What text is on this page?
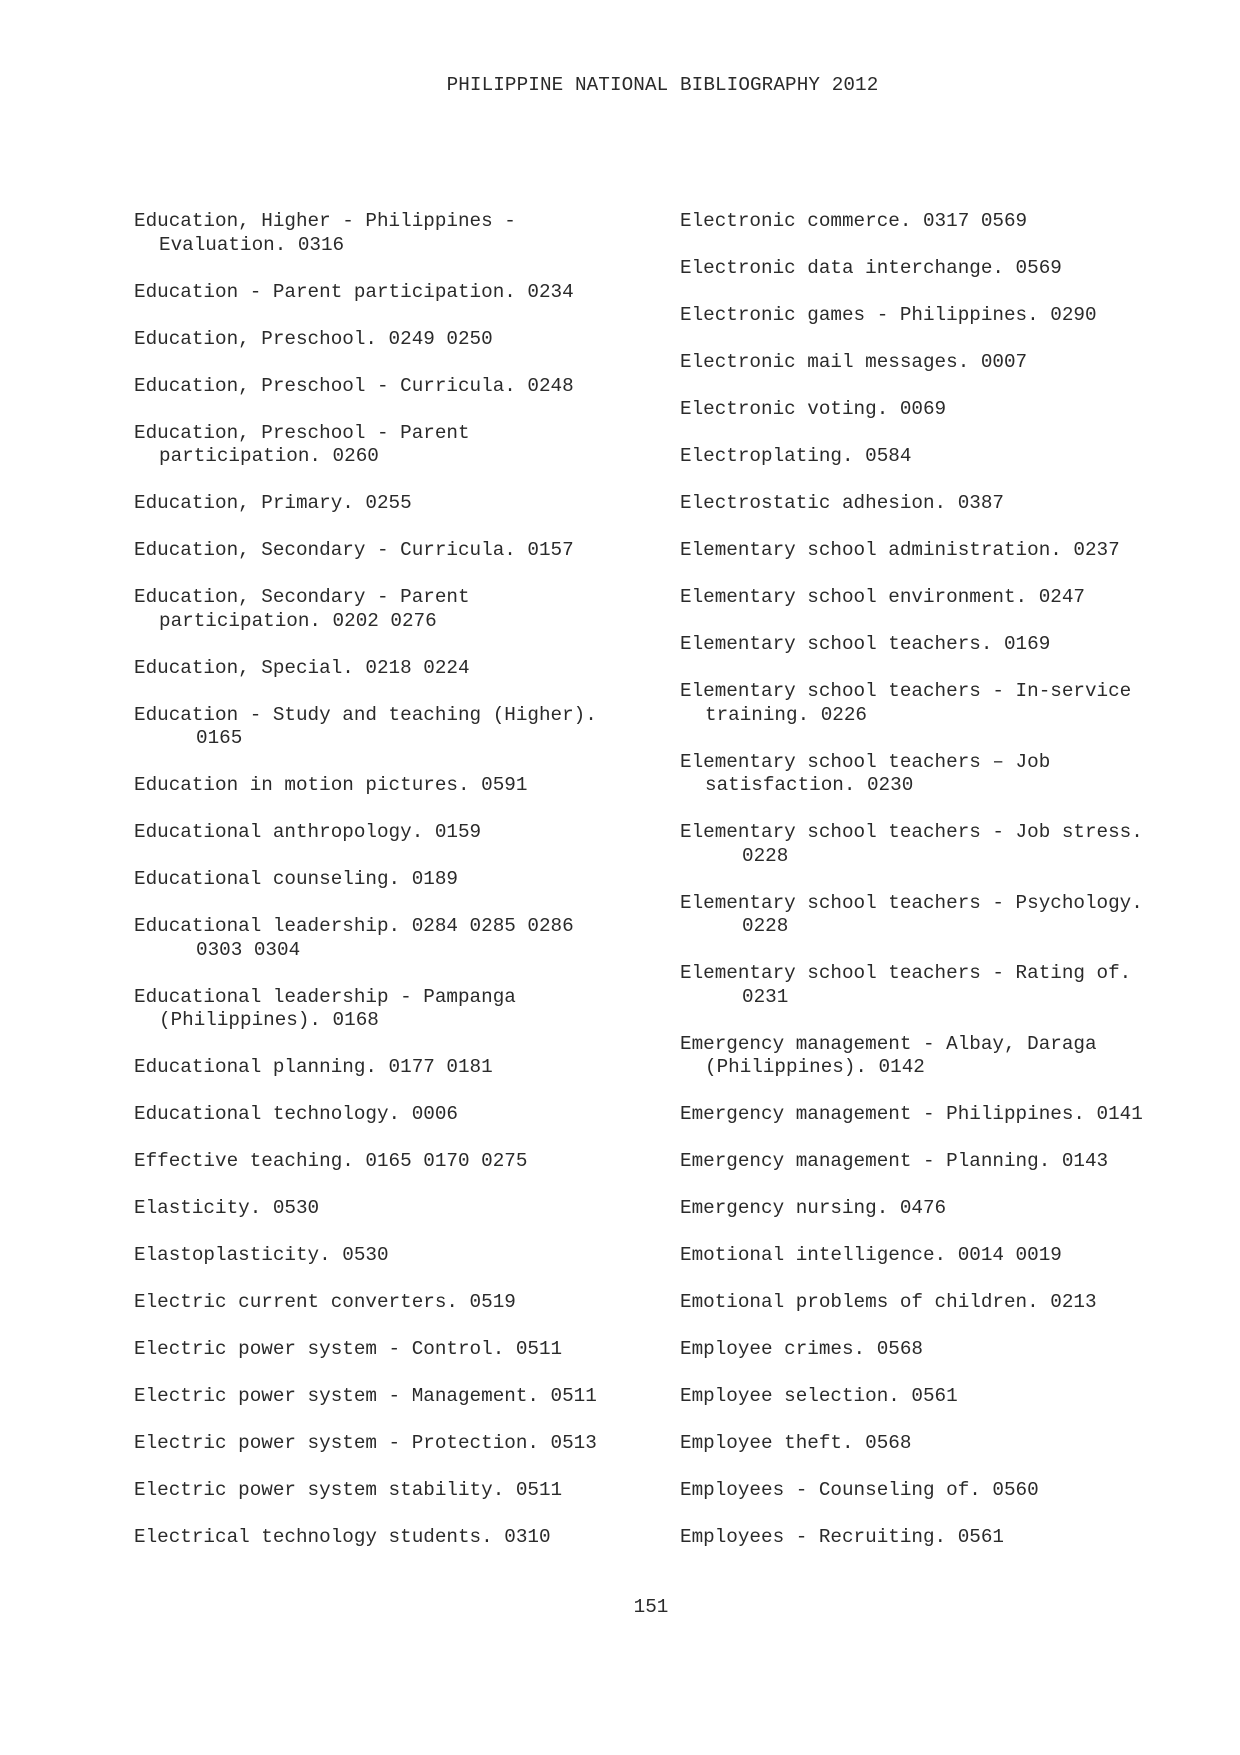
PHILIPPINE NATIONAL BIBLIOGRAPHY 2012
Education, Higher - Philippines -
Evaluation. 0316
Education - Parent participation. 0234
Education, Preschool. 0249 0250
Education, Preschool - Curricula. 0248
Education, Preschool - Parent
participation. 0260
Education, Primary. 0255
Education, Secondary - Curricula. 0157
Education, Secondary - Parent
participation. 0202 0276
Education, Special. 0218 0224
Education - Study and teaching (Higher).
0165
Education in motion pictures. 0591
Educational anthropology. 0159
Educational counseling. 0189
Educational leadership. 0284 0285 0286
0303 0304
Educational leadership - Pampanga
(Philippines). 0168
Educational planning. 0177 0181
Educational technology. 0006
Effective teaching. 0165 0170 0275
Elasticity. 0530
Elastoplasticity. 0530
Electric current converters. 0519
Electric power system - Control. 0511
Electric power system - Management. 0511
Electric power system - Protection. 0513
Electric power system stability. 0511
Electrical technology students. 0310
Electronic commerce. 0317 0569
Electronic data interchange. 0569
Electronic games - Philippines. 0290
Electronic mail messages. 0007
Electronic voting. 0069
Electroplating. 0584
Electrostatic adhesion. 0387
Elementary school administration. 0237
Elementary school environment. 0247
Elementary school teachers. 0169
Elementary school teachers - In-service
training. 0226
Elementary school teachers – Job
satisfaction. 0230
Elementary school teachers - Job stress.
0228
Elementary school teachers - Psychology.
0228
Elementary school teachers - Rating of.
0231
Emergency management - Albay, Daraga
(Philippines). 0142
Emergency management - Philippines. 0141
Emergency management - Planning. 0143
Emergency nursing. 0476
Emotional intelligence. 0014 0019
Emotional problems of children. 0213
Employee crimes. 0568
Employee selection. 0561
Employee theft. 0568
Employees - Counseling of. 0560
Employees - Recruiting. 0561
151
